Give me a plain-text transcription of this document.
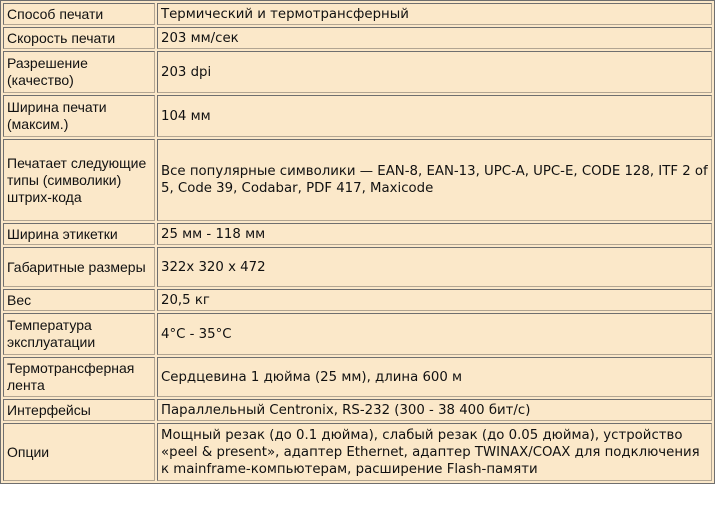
Способ печати	Термический и термотрансферный
Скорость печати	203 мм/сек
Разрешение (качество)	203 dpi
Ширина печати (максим.)	104 мм
Печатает следующие типы (символики) штрих-кода	Все популярные символики — EAN-8, EAN-13, UPC-A, UPC-E, CODE 128, ITF 2 of 5, Code 39, Codabar, PDF 417, Maxicode
Ширина этикетки	25 мм - 118 мм
Габаритные размеры	322х 320 х 472
Вес	20,5 кг
Температура эксплуатации	4°С - 35°С
Термотрансферная лента	Сердцевина 1 дюйма (25 мм), длина 600 м
Интерфейсы	Параллельный Centronix, RS-232 (300 - 38 400 бит/с)
Опции	Мощный резак (до 0.1 дюйма), слабый резак (до 0.05 дюйма), устройство «peel & present», адаптер Ethernet, адаптер TWINAX/COAX для подключения к mainframe-компьютерам, расширение Flash-памяти
